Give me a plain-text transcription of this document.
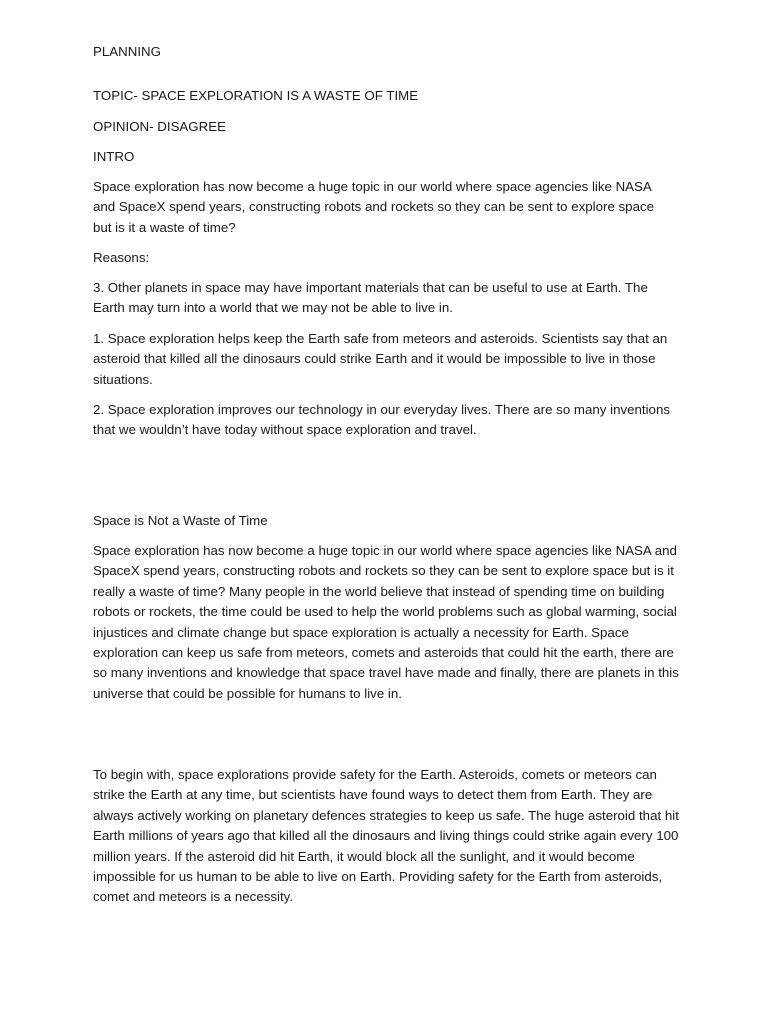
PLANNING

TOPIC- SPACE EXPLORATION IS A WASTE OF TIME

OPINION- DISAGREE

INTRO

Space exploration has now become a huge topic in our world where space agencies like NASA and SpaceX spend years, constructing robots and rockets so they can be sent to explore space but is it a waste of time?

Reasons:

3. Other planets in space may have important materials that can be useful to use at Earth. The Earth may turn into a world that we may not be able to live in.

1. Space exploration helps keep the Earth safe from meteors and asteroids. Scientists say that an asteroid that killed all the dinosaurs could strike Earth and it would be impossible to live in those situations.

2. Space exploration improves our technology in our everyday lives. There are so many inventions that we wouldn’t have today without space exploration and travel.

Space is Not a Waste of Time

Space exploration has now become a huge topic in our world where space agencies like NASA and SpaceX spend years, constructing robots and rockets so they can be sent to explore space but is it really a waste of time? Many people in the world believe that instead of spending time on building robots or rockets, the time could be used to help the world problems such as global warming, social injustices and climate change but space exploration is actually a necessity for Earth. Space exploration can keep us safe from meteors, comets and asteroids that could hit the earth, there are so many inventions and knowledge that space travel have made and finally, there are planets in this universe that could be possible for humans to live in.

To begin with, space explorations provide safety for the Earth. Asteroids, comets or meteors can strike the Earth at any time, but scientists have found ways to detect them from Earth. They are always actively working on planetary defences strategies to keep us safe. The huge asteroid that hit Earth millions of years ago that killed all the dinosaurs and living things could strike again every 100 million years. If the asteroid did hit Earth, it would block all the sunlight, and it would become impossible for us human to be able to live on Earth. Providing safety for the Earth from asteroids, comet and meteors is a necessity.
